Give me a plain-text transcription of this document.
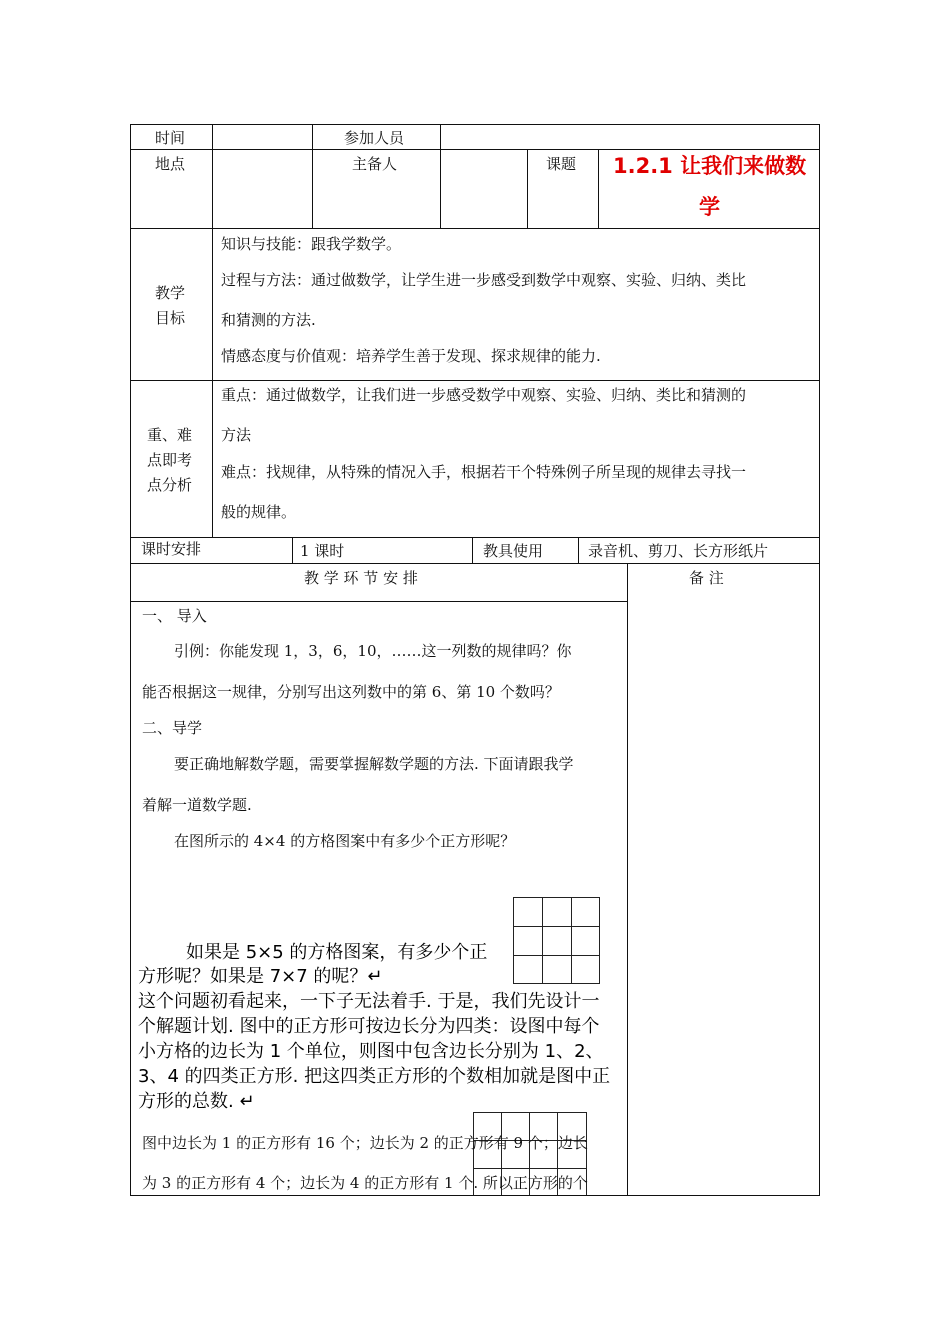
时间	参加人员
地点	主备人	课题 1.2.1 让我们来做数
学
教学
目标
知识与技能：跟我学数学。
过程与方法：通过做数学，让学生进一步感受到数学中观察、实验、归纳、类比
和猜测的方法.
情感态度与价值观：培养学生善于发现、探求规律的能力.
重、难
点即考
点分析
重点：通过做数学，让我们进一步感受数学中观察、实验、归纳、类比和猜测的
方法
难点：找规律，从特殊的情况入手，根据若干个特殊例子所呈现的规律去寻找一
般的规律。
课时安排	1 课时	教具使用	录音机、剪刀、长方形纸片
教 学 环 节 安 排	备 注
一、 导入
引例：你能发现 1，3，6，10，……这一列数的规律吗？你
能否根据这一规律，分别写出这列数中的第 6、第 10 个数吗？
二、导学
要正确地解数学题，需要掌握解数学题的方法. 下面请跟我学
着解一道数学题.
在图所示的 4×4 的方格图案中有多少个正方形呢？
如果是 5×5 的方格图案，有多少个正
方形呢？如果是 7×7 的呢？↵
这个问题初看起来，一下子无法着手. 于是，我们先设计一
个解题计划. 图中的正方形可按边长分为四类：设图中每个
小方格的边长为 1 个单位，则图中包含边长分别为 1、2、
3、4 的四类正方形. 把这四类正方形的个数相加就是图中正
方形的总数. ↵
图中边长为 1 的正方形有 16 个；边长为 2 的正方形有 9 个；边长
为 3 的正方形有 4 个；边长为 4 的正方形有 1 个. 所以正方形的个
